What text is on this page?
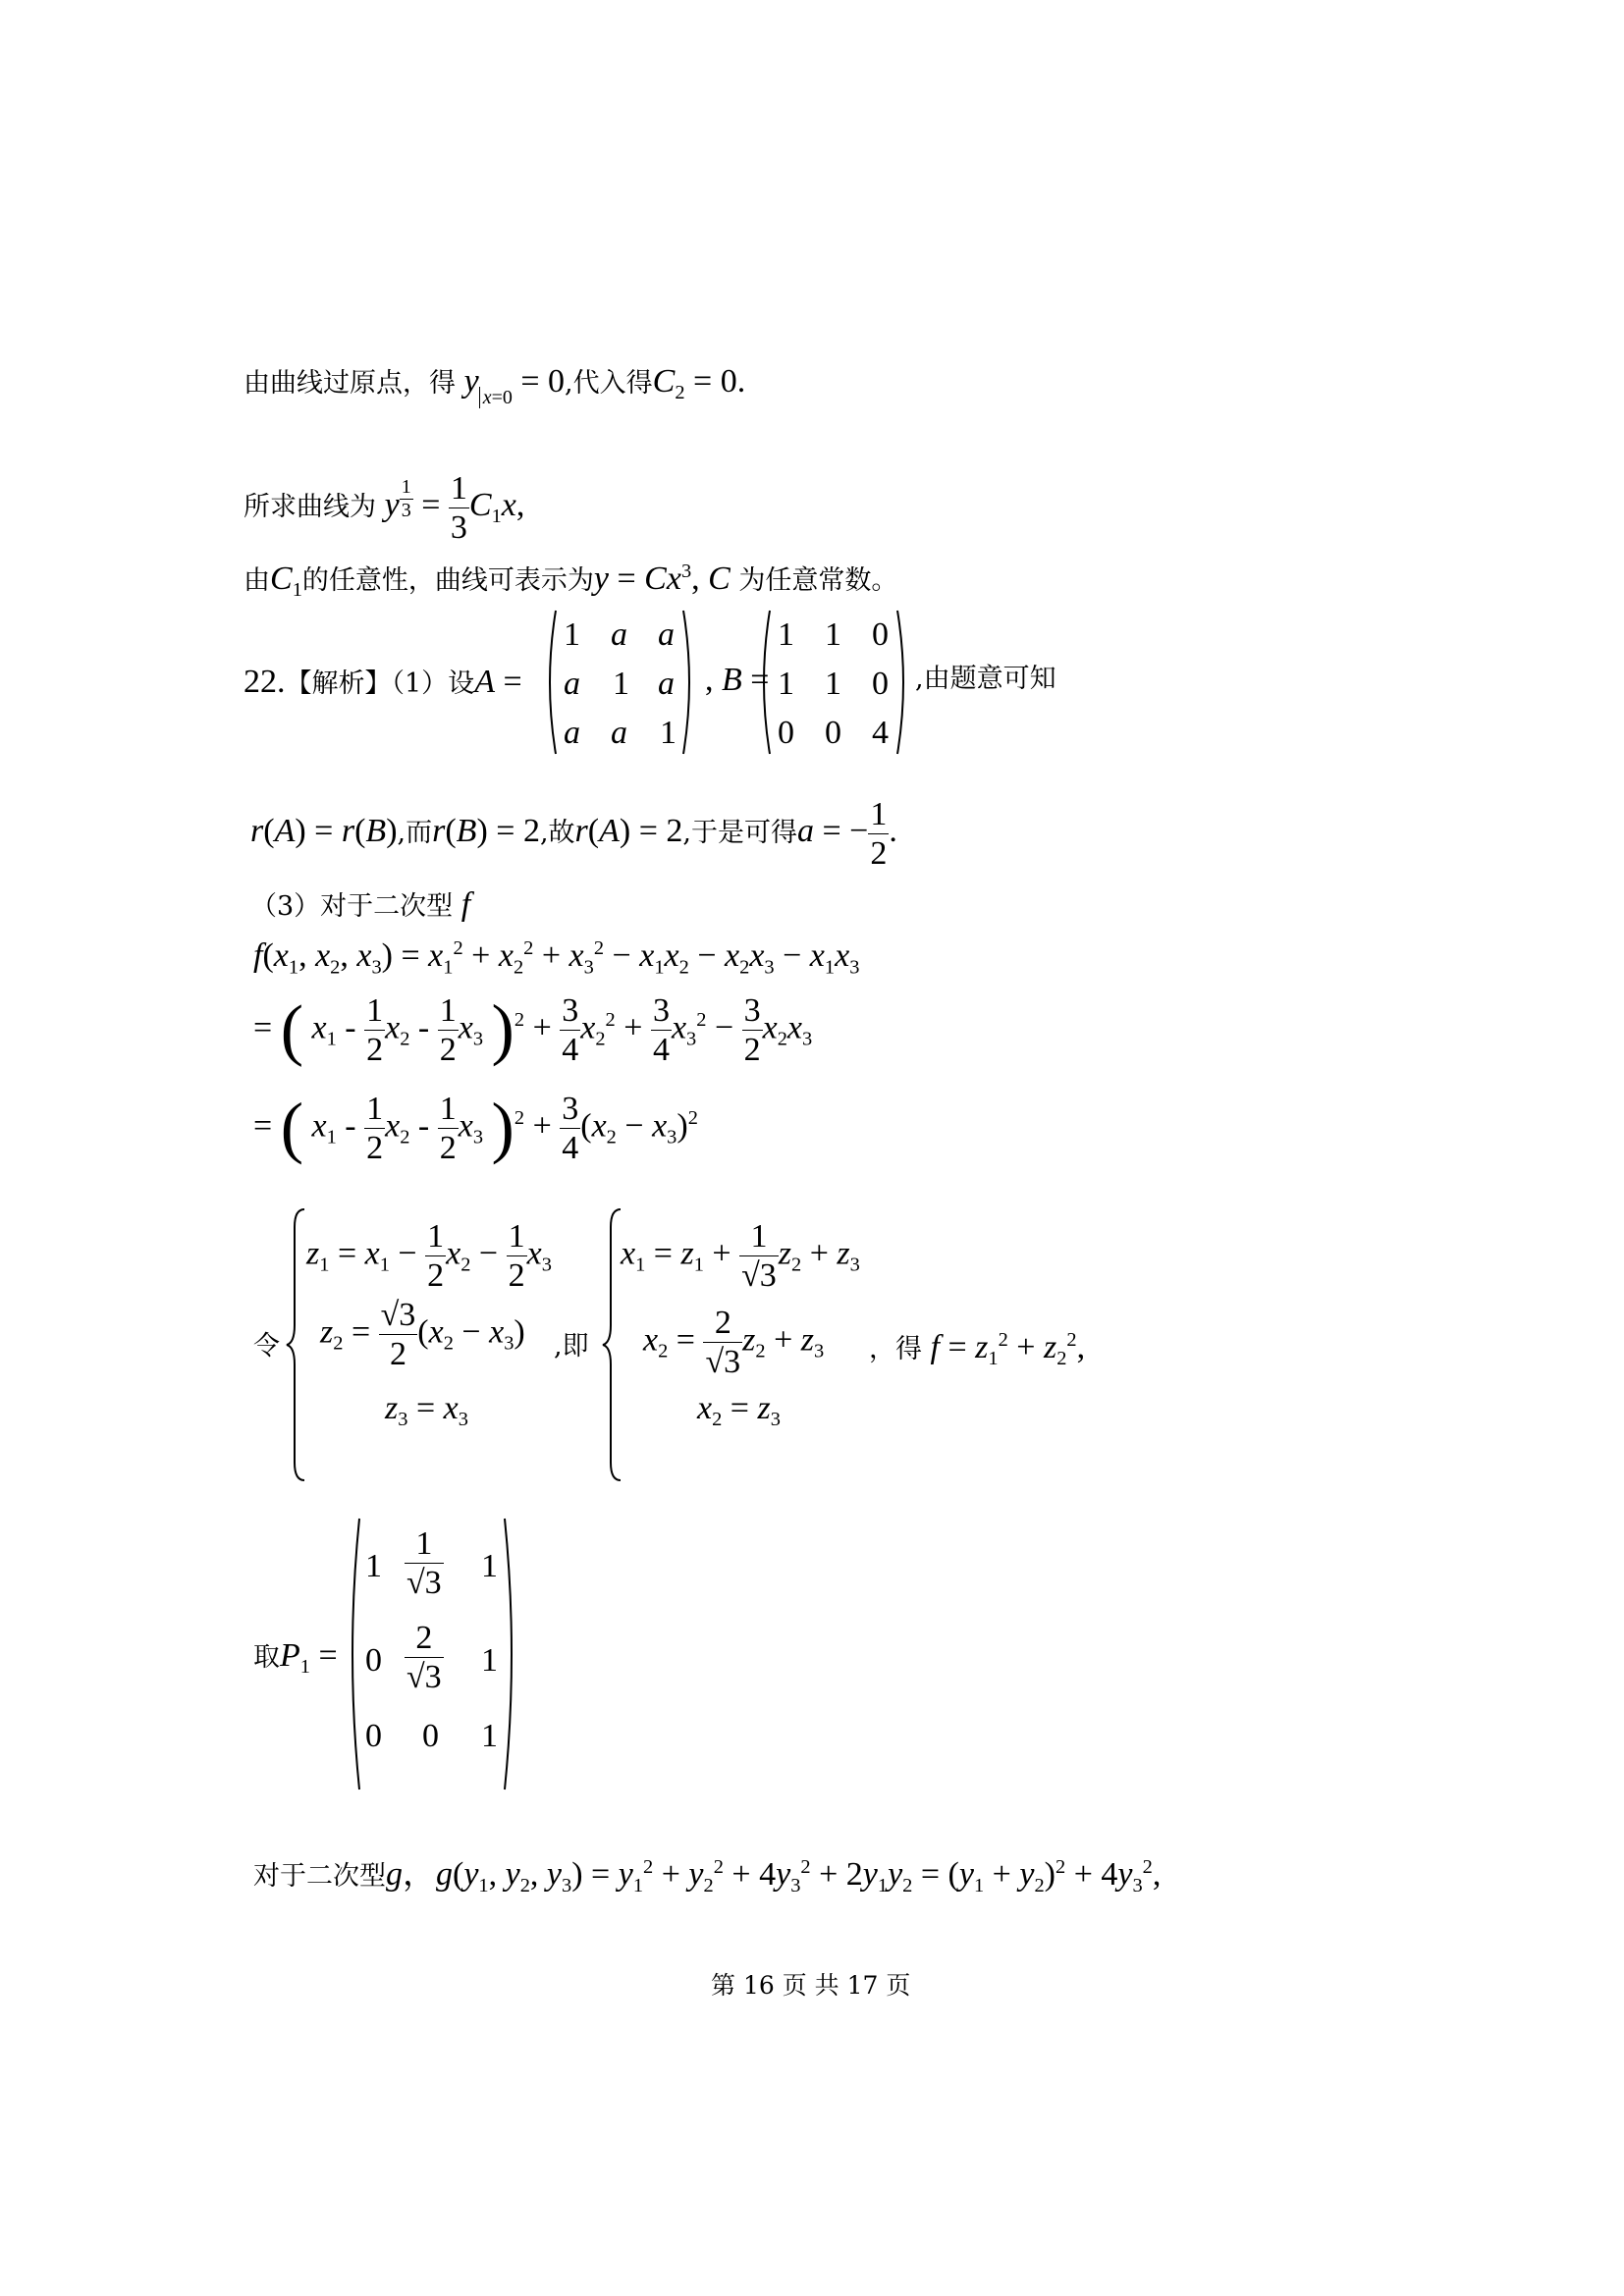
由曲线过原点，得 y $_{x=0}$ = 0,代入得$C_2 = 0$.
所求曲线为 y $^{\frac{1}{3}} = \frac{1}{3} C_1x$,
由$C_1$的任意性，曲线可表示为$y = Cx^3$, C 为任意常数。
22.【解析】（1）设A =
1 a a
a 1 a
a a 1
, B =
1 1 0
1 1 0
0 0 4
,由题意可知
r(A) = r(B),而r(B) = 2,故r(A) = 2,于是可得a = − $\frac{1}{2}$ .
（3）对于二次型 f
$f(x_1$, $x_2$, $x_3) = x_1^2 + x_2^2 + x_3^2 - x_1x_2 - x_2x_3 - x_1x_3$
= ( $x_1 - \frac{1}{2} x_2 - \frac{1}{2} x_3$ )$^2 + \frac{3}{4} x_2^2 + \frac{3}{4} x_3^2 - \frac{3}{2} x_2x_3$
= ( $x_1 - \frac{1}{2} x_2 - \frac{1}{2} x_3$ )$^2 + \frac{3}{4} (x_2 - x_3)^2$
令
$z_1 = x_1 - \frac{1}{2} x_2 - \frac{1}{2} x_3$
$z_2 = \frac{√3}{2} (x_2 - x_3)$
$z_3 = x_3$
,即
$x_1 = z_1 + \frac{1}{√3} z_2 + z_3$
$x_2 = \frac{2}{√3} z_2 + z_3$
$x_2 = z_3$
，得 $f = z_1^2 + z_2^2$,
取$P_1$ =
$1 \frac{1}{√3} 1$
$0 \frac{2}{√3} 1$
0 0 1
对于二次型g，$g(y_1$, $y_2$, $y_3) = y_1^2 + y_2^2 + 4y_3^2 + 2y_1y_2 = (y_1 + y_2)^2 + 4y_3^2$,
第 16 页 共 17 页
